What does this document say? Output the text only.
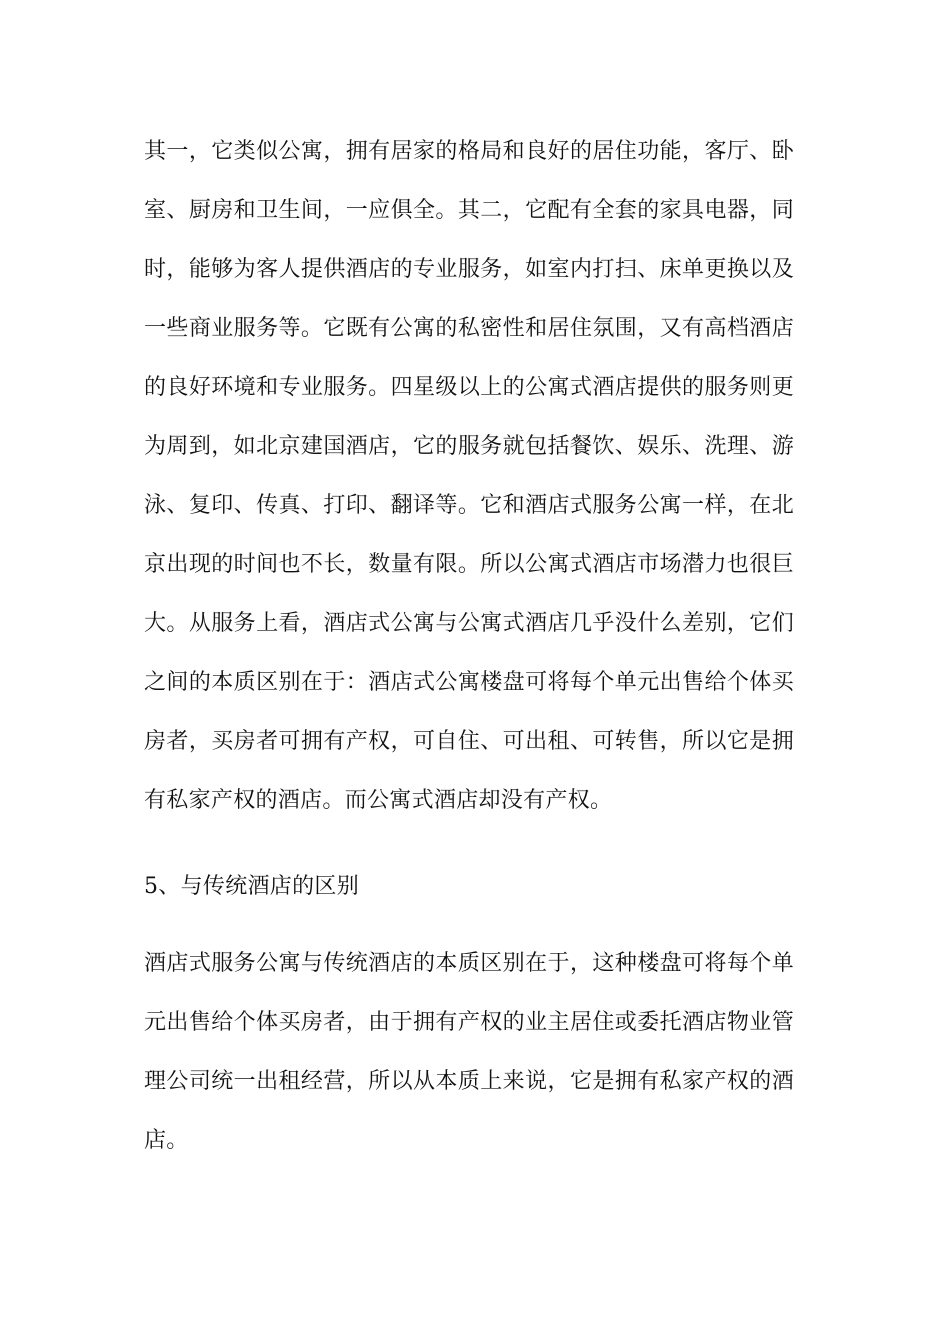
其一，它类似公寓，拥有居家的格局和良好的居住功能，客厅、卧室、厨房和卫生间，一应俱全。其二，它配有全套的家具电器，同时，能够为客人提供酒店的专业服务，如室内打扫、床单更换以及一些商业服务等。它既有公寓的私密性和居住氛围，又有高档酒店的良好环境和专业服务。四星级以上的公寓式酒店提供的服务则更为周到，如北京建国酒店，它的服务就包括餐饮、娱乐、洗理、游泳、复印、传真、打印、翻译等。它和酒店式服务公寓一样，在北京出现的时间也不长，数量有限。所以公寓式酒店市场潜力也很巨大。从服务上看，酒店式公寓与公寓式酒店几乎没什么差别，它们之间的本质区别在于：酒店式公寓楼盘可将每个单元出售给个体买房者，买房者可拥有产权，可自住、可出租、可转售，所以它是拥有私家产权的酒店。而公寓式酒店却没有产权。

5、与传统酒店的区别

酒店式服务公寓与传统酒店的本质区别在于，这种楼盘可将每个单元出售给个体买房者，由于拥有产权的业主居住或委托酒店物业管理公司统一出租经营，所以从本质上来说，它是拥有私家产权的酒店。
